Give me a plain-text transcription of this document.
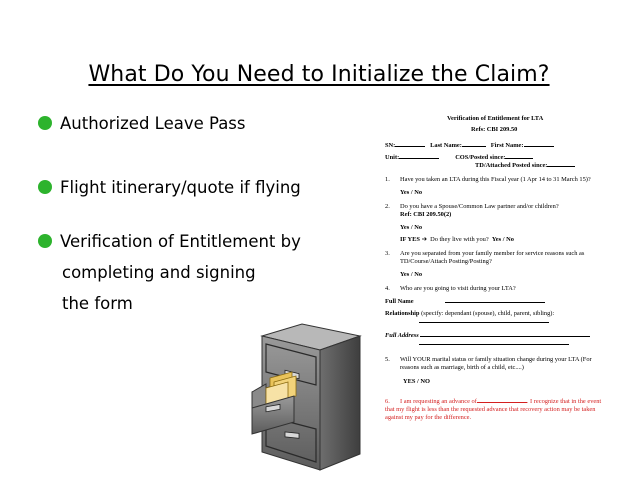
What Do You Need to Initialize the Claim?
Authorized Leave Pass
Flight itinerary/quote if flying
Verification of Entitlement by
completing and signing
the form
Verification of Entitlement for LTA
Refs: CBI 209.50
SN:	Last Name:	First Name:
Unit:	COS/Posted since:
TD/Attached Posted since:
1. Have you taken an LTA during this Fiscal year (1 Apr 14 to 31 March 15)?
Yes / No
2. Do you have a Spouse/Common Law partner and/or children?
Ref: CBI 209.50(2)
Yes / No
IF YES ➔ Do they live with you? Yes / No
3. Are you separated from your family member for service reasons such as
TD/Course/Attach Posting/Posting?
Yes / No
4. Who are you going to visit during your LTA?
Full Name
Relationship (specify: dependant (spouse), child, parent, sibling):
Full Address
5. Will YOUR marital status or family situation change during your LTA (For
reasons such as marriage, birth of a child, etc....)
YES / NO
6. I am requesting an advance of	. I recognize that in the event
that my flight is less than the requested advance that recovery action may be taken
against my pay for the difference.
